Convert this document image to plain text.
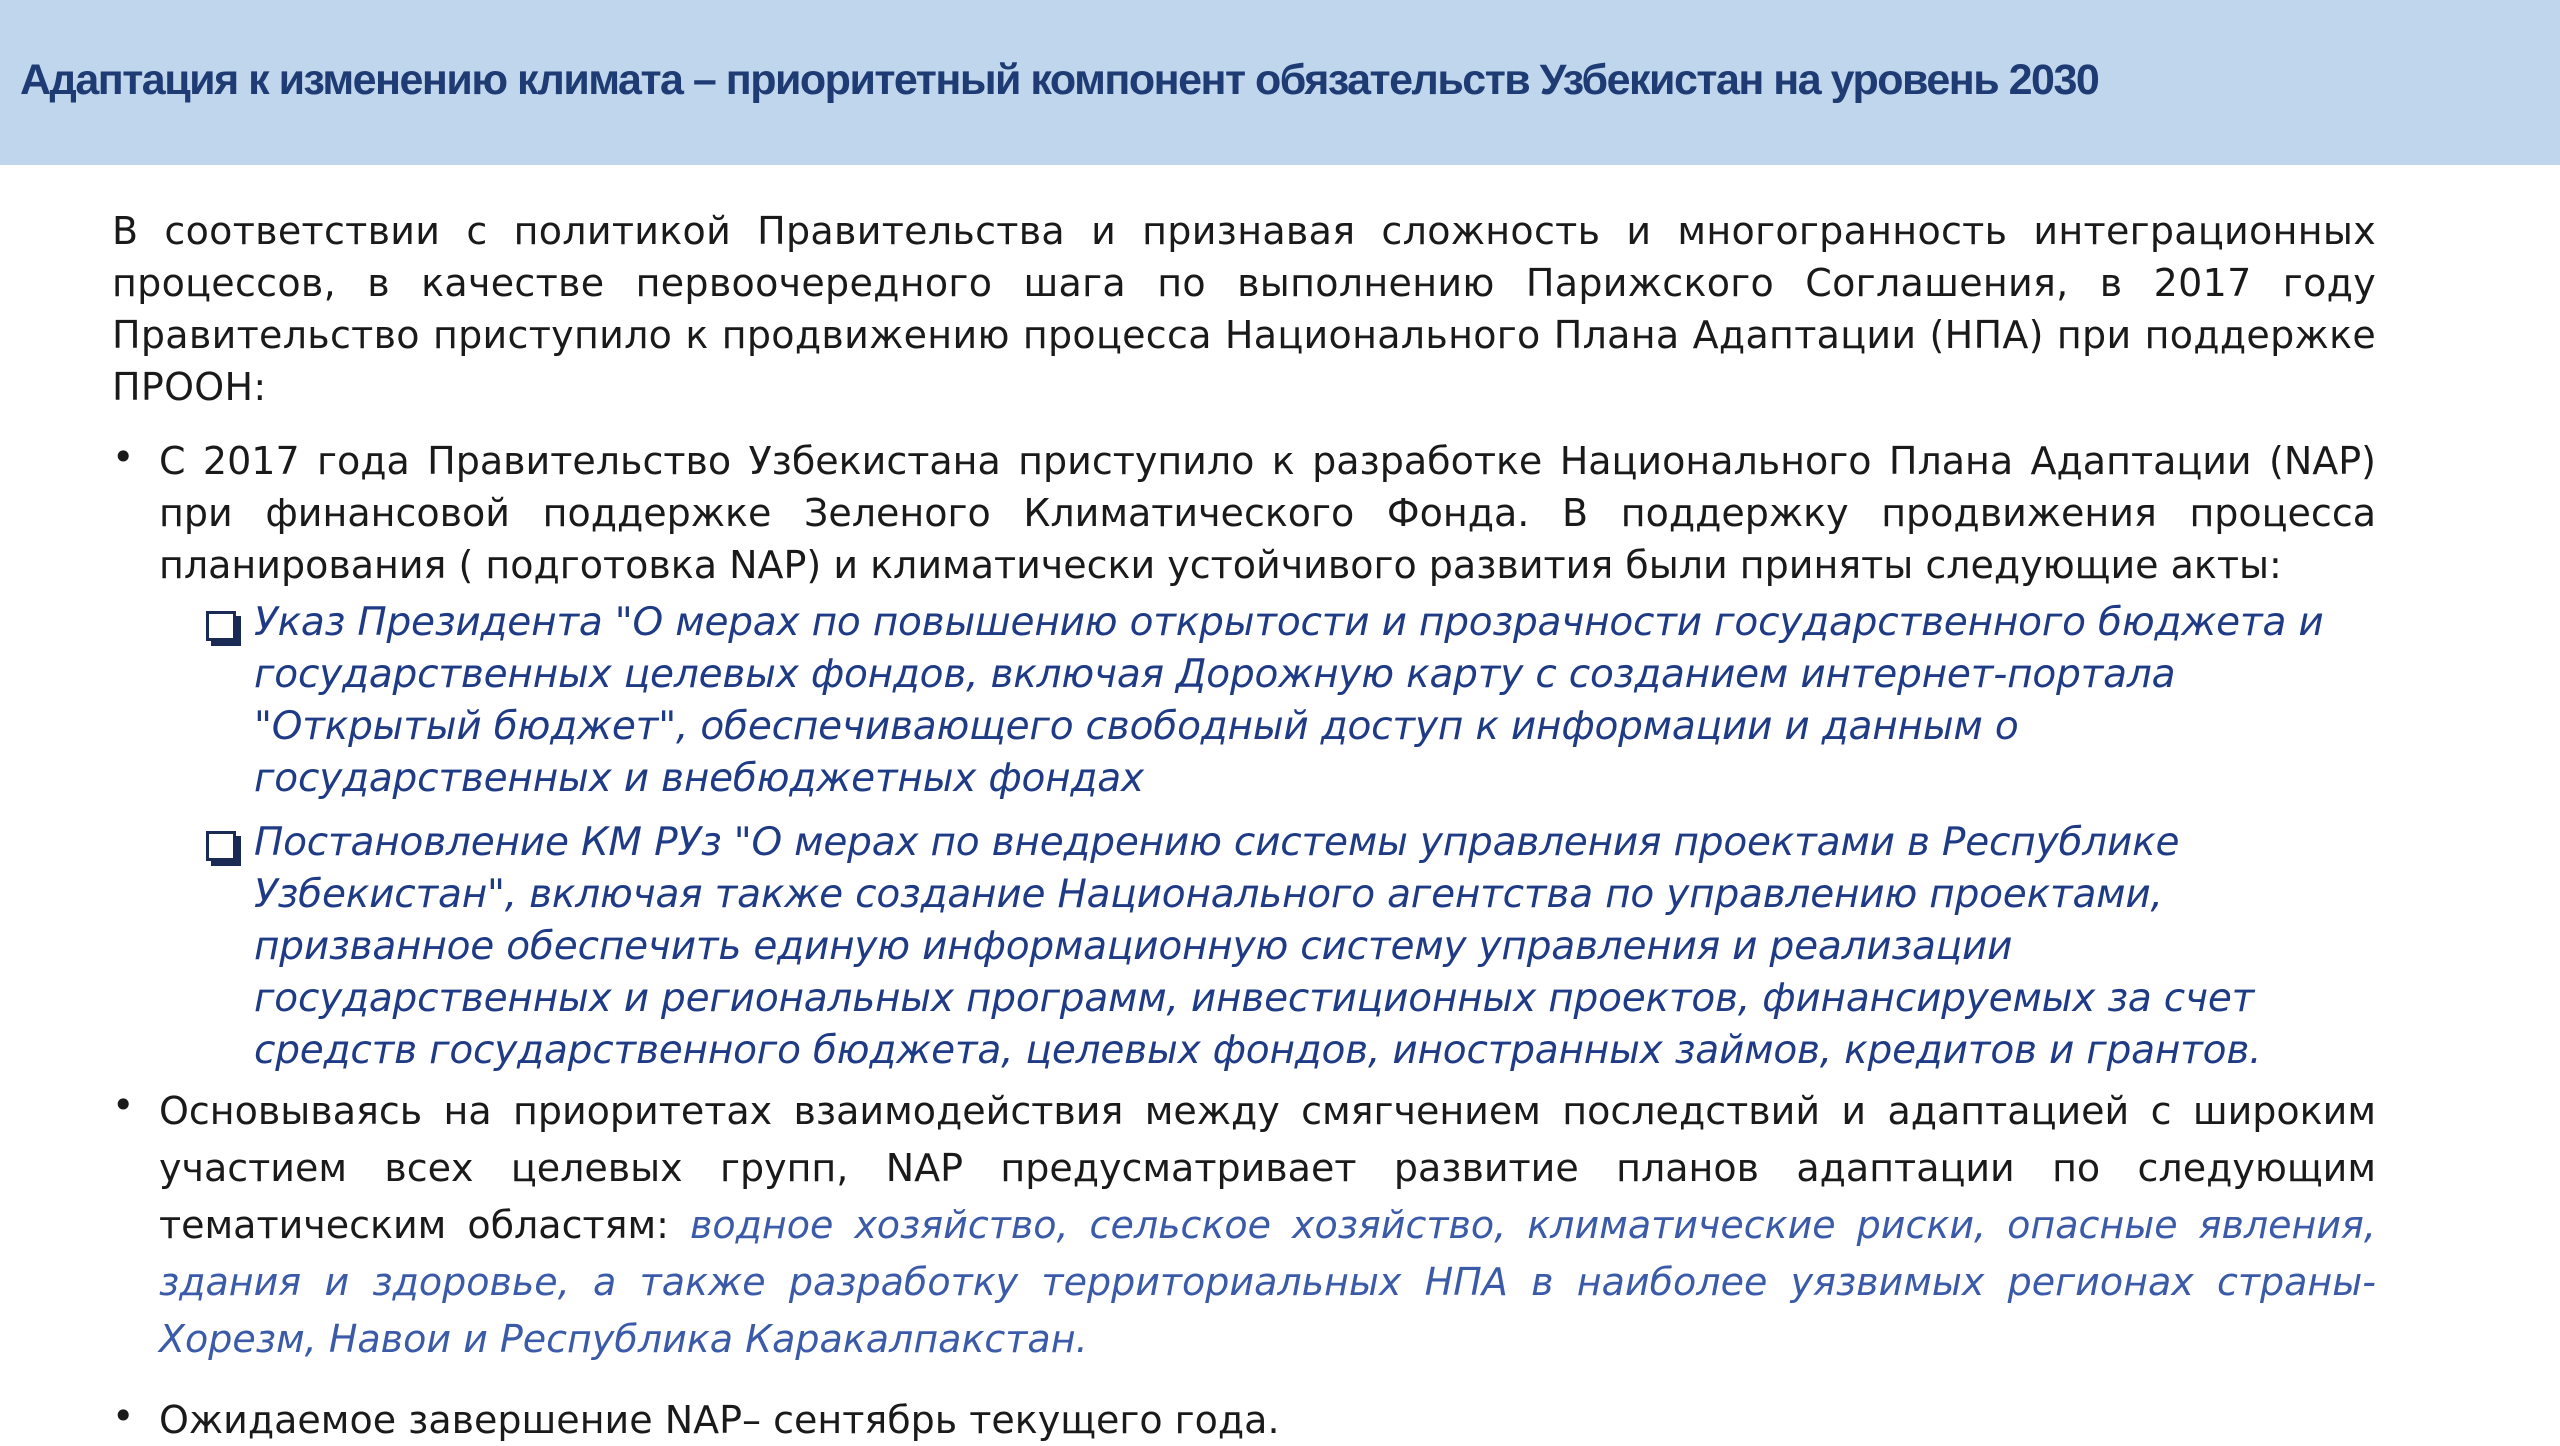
Адаптация к изменению климата – приоритетный компонент обязательств Узбекистан на уровень 2030

В соответствии с политикой Правительства и признавая сложность и многогранность интеграционных процессов, в качестве первоочередного шага по выполнению Парижского Соглашения, в 2017 году Правительство приступило к продвижению процесса Национального Плана Адаптации (НПА) при поддержке ПРООН:

• С 2017 года Правительство Узбекистана приступило к разработке Национального Плана Адаптации (NAP) при финансовой поддержке Зеленого Климатического Фонда. В поддержку продвижения процесса планирования ( подготовка NAP) и климатически устойчивого развития были приняты следующие акты:
Указ Президента "О мерах по повышению открытости и прозрачности государственного бюджета и государственных целевых фондов, включая Дорожную карту с созданием интернет-портала "Открытый бюджет", обеспечивающего свободный доступ к информации и данным о государственных и внебюджетных фондах
Постановление КМ РУз "О мерах по внедрению системы управления проектами в Республике Узбекистан", включая также создание Национального агентства по управлению проектами, призванное обеспечить единую информационную систему управления и реализации государственных и региональных программ, инвестиционных проектов, финансируемых за счет средств государственного бюджета, целевых фондов, иностранных займов, кредитов и грантов.
• Основываясь на приоритетах взаимодействия между смягчением последствий и адаптацией с широким участием всех целевых групп, NAP предусматривает развитие планов адаптации по следующим тематическим областям: водное хозяйство, сельское хозяйство, климатические риски, опасные явления, здания и здоровье, а также разработку территориальных НПА в наиболее уязвимых регионах страны-Хорезм, Навои и Республика Каракалпакстан.
• Ожидаемое завершение NAP– сентябрь текущего года.
